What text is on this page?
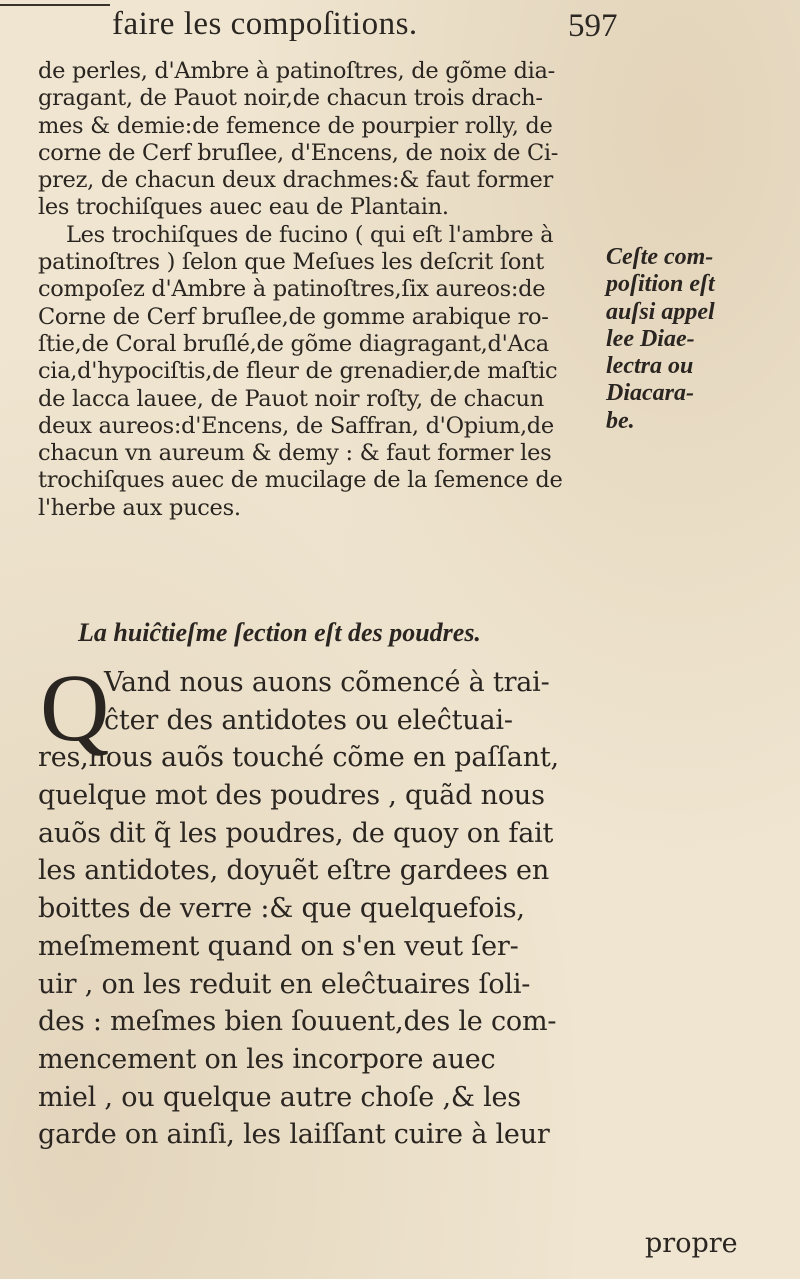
faire les compoſitions.	597
de perles, d'Ambre à patinoſtres, de gõme dia-
gragant, de Pauot noir,de chacun trois drach-
mes & demie:de femence de pourpier rolly, de
corne de Cerf bruſlee, d'Encens, de noix de Ci-
prez, de chacun deux drachmes:& faut former
les trochiſques auec eau de Plantain.
Les trochiſques de fucino ( qui eſt l'ambre à
patinoſtres ) ſelon que Meſues les deſcrit ſont
compoſez d'Ambre à patinoſtres,ſix aureos:de
Corne de Cerf bruſlee,de gomme arabique ro-
ſtie,de Coral bruſlé,de gõme diagragant,d'Aca
cia,d'hypociſtis,de fleur de grenadier,de maſtic
de lacca lauee, de Pauot noir roſty, de chacun
deux aureos:d'Encens, de Saffran, d'Opium,de
chacun vn aureum & demy : & faut former les
trochiſques auec de mucilage de la ſemence de
l'herbe aux puces.
Ceſte com-
poſition eſt
auſsi appel
lee Diae-
lectra ou
Diacara-
be.
La huiĉtieſme ſection eſt des poudres.
Q
Vand nous auons cõmencé à trai-
ĉter des antidotes ou eleĉtuai-
res,nous auõs touché cõme en paſſant,
quelque mot des poudres , quãd nous
auõs dit q̃ les poudres, de quoy on fait
les antidotes, doyuẽt eſtre gardees en
boittes de verre :& que quelquefois,
meſmement quand on s'en veut ſer-
uir , on les reduit en eleĉtuaires ſoli-
des : meſmes bien ſouuent,des le com-
mencement on les incorpore auec
miel , ou quelque autre choſe ,& les
garde on ainſi, les laiſſant cuire à leur
propre
